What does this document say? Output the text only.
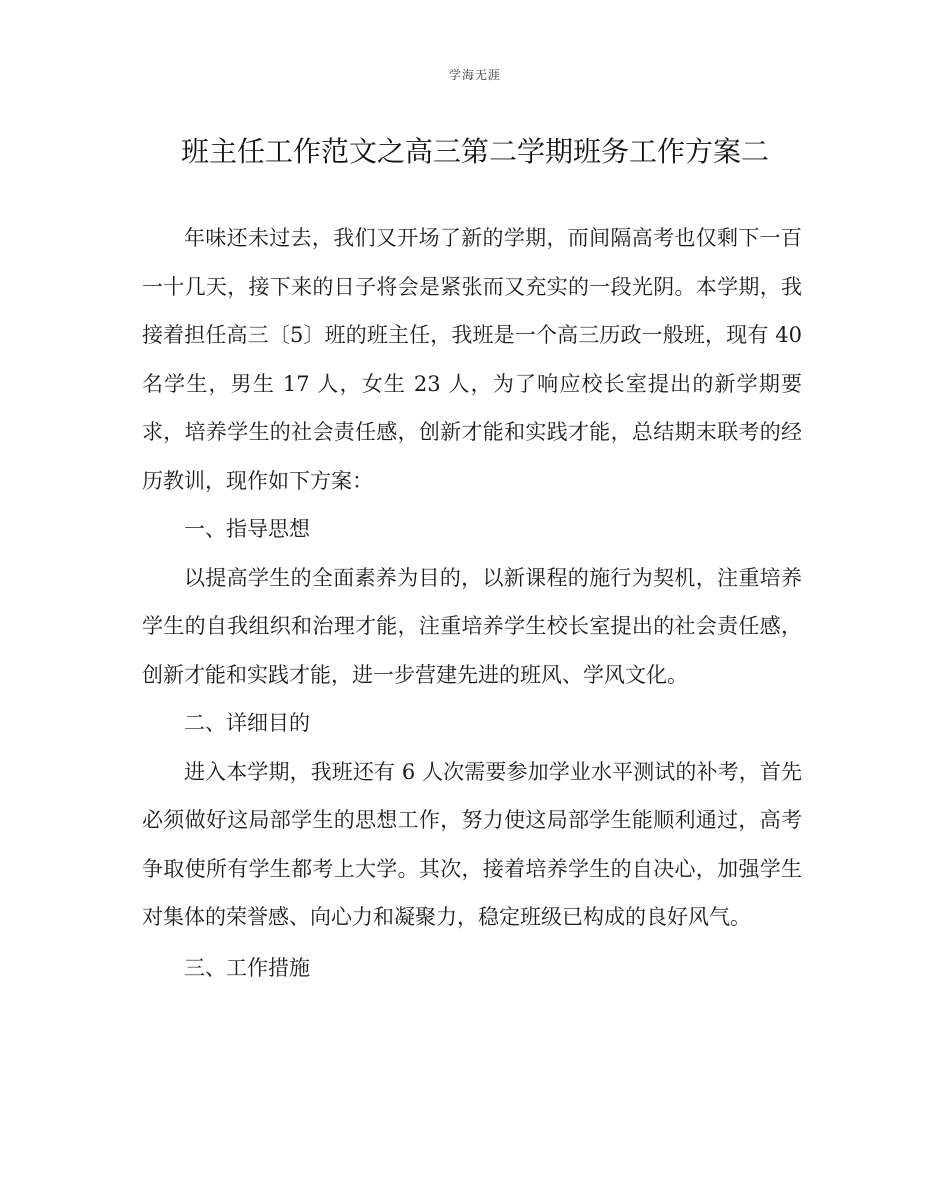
学海无涯
班主任工作范文之高三第二学期班务工作方案二

年味还未过去，我们又开场了新的学期，而间隔高考也仅剩下一百一十几天，接下来的日子将会是紧张而又充实的一段光阴。本学期，我接着担任高三〔5〕班的班主任，我班是一个高三历政一般班，现有 40 名学生，男生 17 人，女生 23 人，为了响应校长室提出的新学期要求，培养学生的社会责任感，创新才能和实践才能，总结期末联考的经历教训，现作如下方案：

一、指导思想

以提高学生的全面素养为目的，以新课程的施行为契机，注重培养学生的自我组织和治理才能，注重培养学生校长室提出的社会责任感，创新才能和实践才能，进一步营建先进的班风、学风文化。

二、详细目的

进入本学期，我班还有 6 人次需要参加学业水平测试的补考，首先必须做好这局部学生的思想工作，努力使这局部学生能顺利通过，高考争取使所有学生都考上大学。其次，接着培养学生的自决心，加强学生对集体的荣誉感、向心力和凝聚力，稳定班级已构成的良好风气。

三、工作措施
